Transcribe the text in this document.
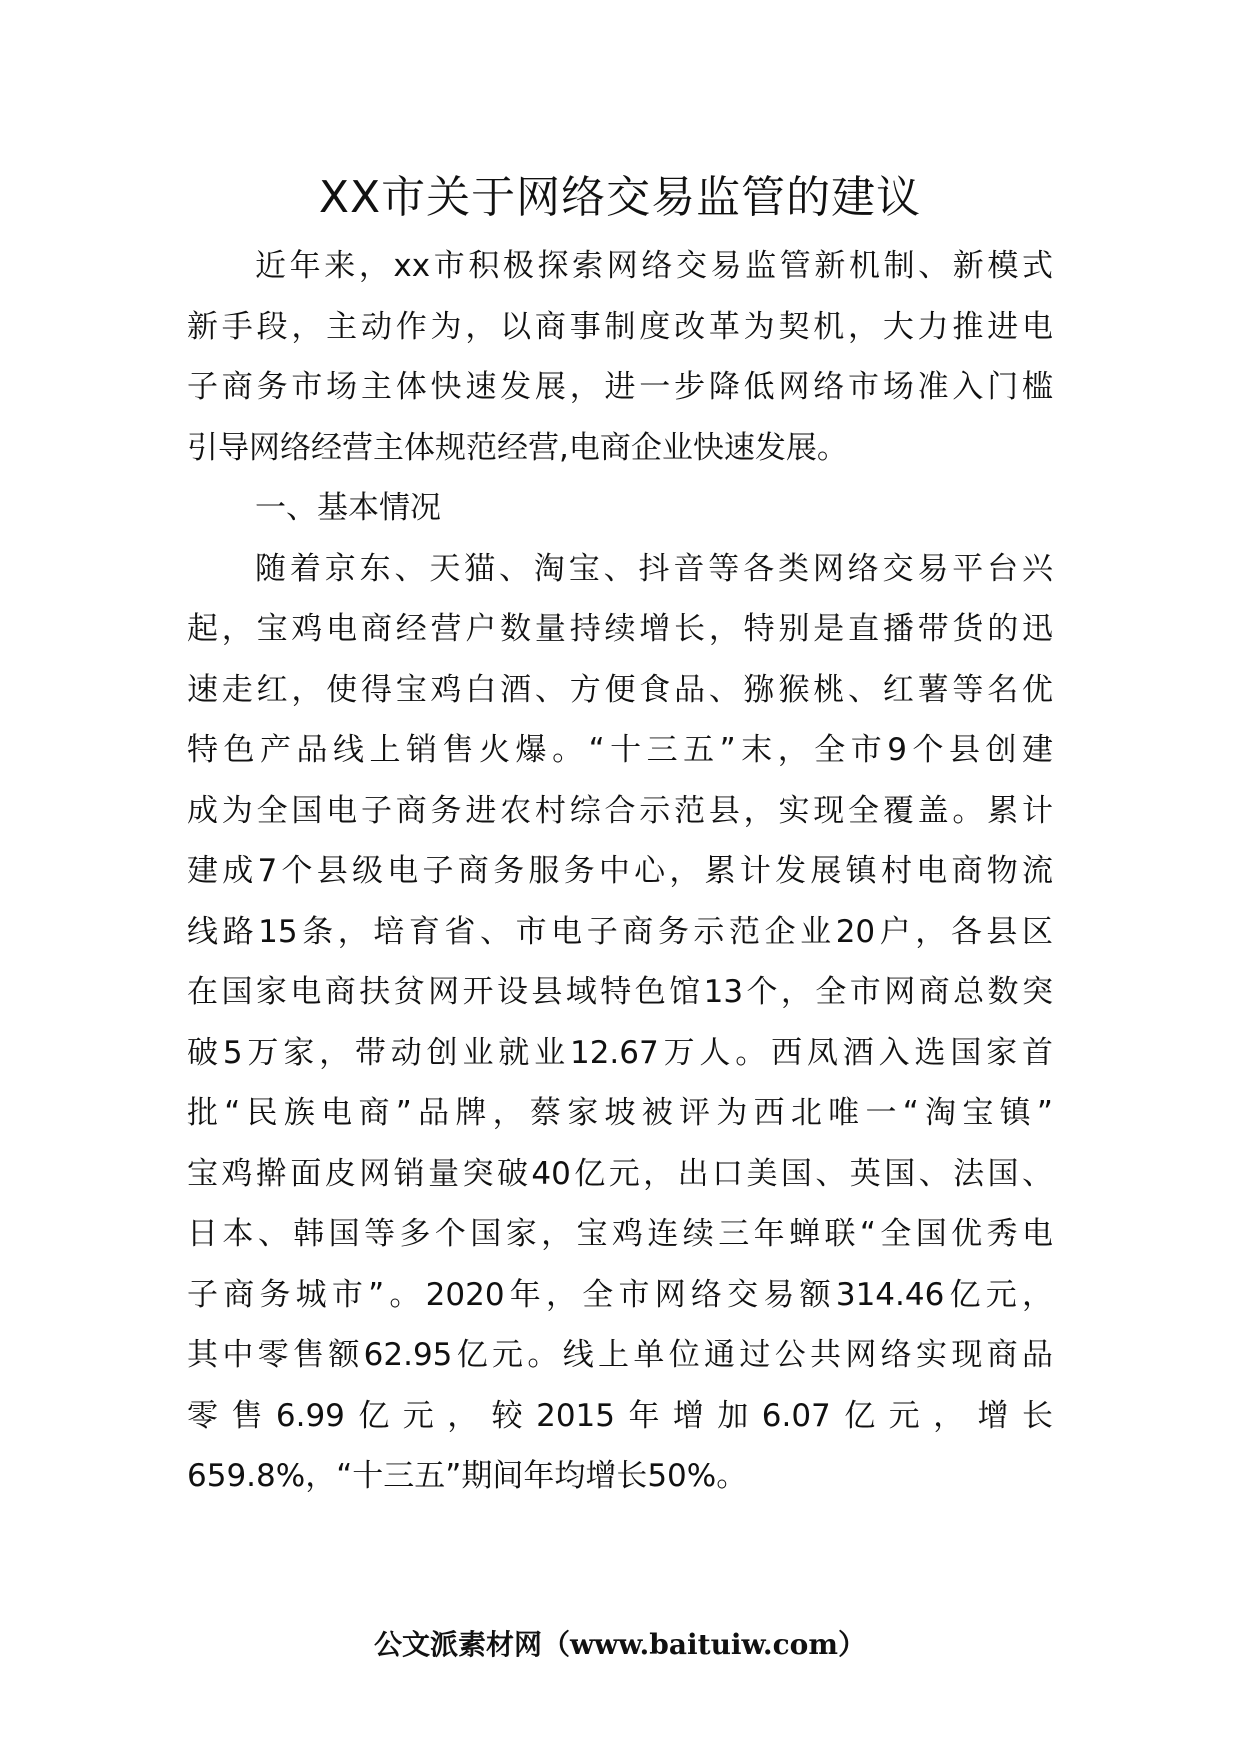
XX市关于网络交易监管的建议
近年来，xx市积极探索网络交易监管新机制、新模式
新手段，主动作为，以商事制度改革为契机，大力推进电
子商务市场主体快速发展，进一步降低网络市场准入门槛
引导网络经营主体规范经营,电商企业快速发展。
一、基本情况
随着京东、天猫、淘宝、抖音等各类网络交易平台兴
起，宝鸡电商经营户数量持续增长，特别是直播带货的迅
速走红，使得宝鸡白酒、方便食品、猕猴桃、红薯等名优
特色产品线上销售火爆。“十三五”末，全市9个县创建
成为全国电子商务进农村综合示范县，实现全覆盖。累计
建成7个县级电子商务服务中心，累计发展镇村电商物流
线路15条，培育省、市电子商务示范企业20户，各县区
在国家电商扶贫网开设县域特色馆13个，全市网商总数突
破5万家，带动创业就业12.67万人。西凤酒入选国家首
批“民族电商”品牌，蔡家坡被评为西北唯一“淘宝镇”
宝鸡擀面皮网销量突破40亿元，出口美国、英国、法国、
日本、韩国等多个国家，宝鸡连续三年蝉联“全国优秀电
子商务城市”。2020年，全市网络交易额314.46亿元，
其中零售额62.95亿元。线上单位通过公共网络实现商品
零售6.99亿元，较2015年增加6.07亿元，增长
659.8%，“十三五”期间年均增长50%。
公文派素材网（www.baituiw.com）
